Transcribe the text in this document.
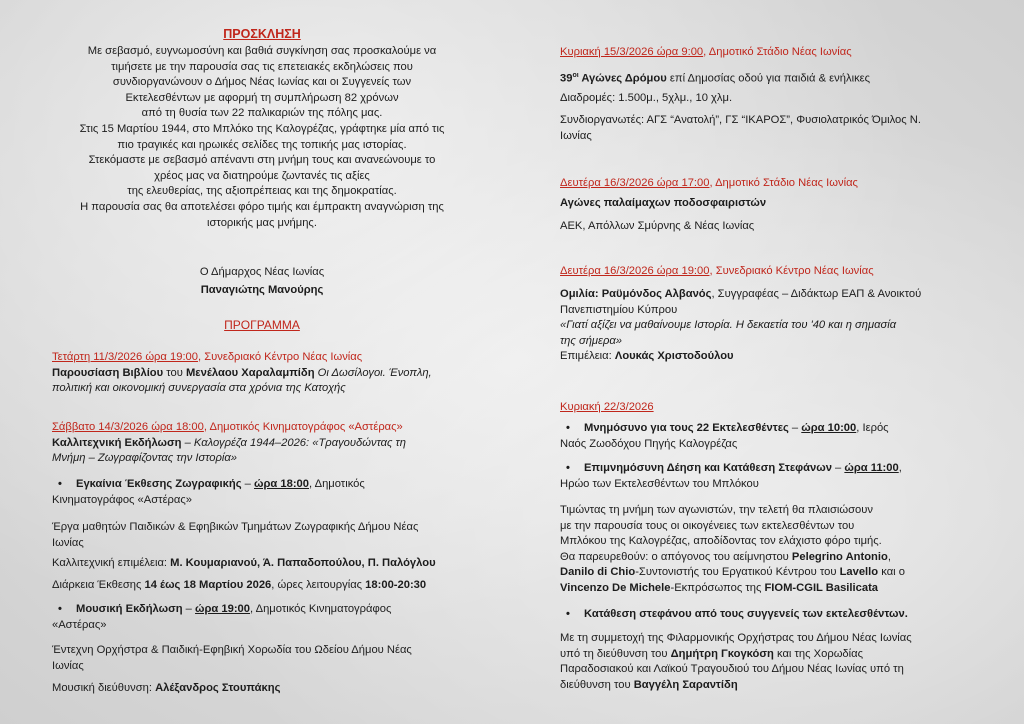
ΠΡΟΣΚΛΗΣΗ

Με σεβασμό, ευγνωμοσύνη και βαθιά συγκίνηση σας προσκαλούμε να

τιμήσετε με την παρουσία σας τις επετειακές εκδηλώσεις που

συνδιοργανώνουν ο Δήμος Νέας Ιωνίας και οι Συγγενείς των

Εκτελεσθέντων με αφορμή τη συμπλήρωση 82 χρόνων

από τη θυσία των 22 παλικαριών της πόλης μας.

Στις 15 Μαρτίου 1944, στο Μπλόκο της Καλογρέζας, γράφτηκε μία από τις

πιο τραγικές και ηρωικές σελίδες της τοπικής μας ιστορίας.

Στεκόμαστε με σεβασμό απέναντι στη μνήμη τους και ανανεώνουμε το

χρέος μας να διατηρούμε ζωντανές τις αξίες

της ελευθερίας, της αξιοπρέπειας και της δημοκρατίας.

Η παρουσία σας θα αποτελέσει φόρο τιμής και έμπρακτη αναγνώριση της

ιστορικής μας μνήμης.

Ο Δήμαρχος Νέας Ιωνίας

Παναγιώτης Μανούρης

ΠΡΟΓΡΑΜΜΑ

Τετάρτη 11/3/2026 ώρα 19:00, Συνεδριακό Κέντρο Νέας Ιωνίας

Παρουσίαση Βιβλίου του Μενέλαου Χαραλαμπίδη Οι Δωσίλογοι. Ένοπλη,

πολιτική και οικονομική συνεργασία στα χρόνια της Κατοχής

Σάββατο 14/3/2026 ώρα 18:00, Δημοτικός Κινηματογράφος «Αστέρας»

Καλλιτεχνική Εκδήλωση – Καλογρέζα 1944–2026: «Τραγουδώντας τη

Μνήμη – Ζωγραφίζοντας την Ιστορία»

•	Εγκαίνια Έκθεσης Ζωγραφικής – ώρα 18:00, Δημοτικός

Κινηματογράφος «Αστέρας»

Έργα μαθητών Παιδικών & Εφηβικών Τμημάτων Ζωγραφικής Δήμου Νέας

Ιωνίας

Καλλιτεχνική επιμέλεια: Μ. Κουμαριανού, Ά. Παπαδοπούλου, Π. Παλόγλου

Διάρκεια Έκθεσης 14 έως 18 Μαρτίου 2026, ώρες λειτουργίας 18:00-20:30

•	Μουσική Εκδήλωση – ώρα 19:00, Δημοτικός Κινηματογράφος

«Αστέρας»

Έντεχνη Ορχήστρα & Παιδική-Εφηβική Χορωδία του Ωδείου Δήμου Νέας

Ιωνίας

Μουσική διεύθυνση: Αλέξανδρος Στουπάκης

Κυριακή 15/3/2026 ώρα 9:00, Δημοτικό Στάδιο Νέας Ιωνίας

$39^{o\iota}$ Αγώνες Δρόμου επί Δημοσίας οδού για παιδιά & ενήλικες

Διαδρομές: 1.500μ., 5χλμ., 10 χλμ.

Συνδιοργανωτές: ΑΓΣ “Ανατολή”, ΓΣ “ΙΚΑΡΟΣ”, Φυσιολατρικός Όμιλος Ν.

Ιωνίας

Δευτέρα 16/3/2026 ώρα 17:00, Δημοτικό Στάδιο Νέας Ιωνίας

Αγώνες παλαίμαχων ποδοσφαιριστών

ΑΕΚ, Απόλλων Σμύρνης & Νέας Ιωνίας

Δευτέρα 16/3/2026 ώρα 19:00, Συνεδριακό Κέντρο Νέας Ιωνίας

Ομιλία: Ραϋμόνδος Αλβανός, Συγγραφέας – Διδάκτωρ ΕΑΠ & Ανοικτού

Πανεπιστημίου Κύπρου

«Γιατί αξίζει να μαθαίνουμε Ιστορία. Η δεκαετία του '40 και η σημασία

της σήμερα»

Επιμέλεια: Λουκάς Χριστοδούλου

Κυριακή 22/3/2026

•	Μνημόσυνο για τους 22 Εκτελεσθέντες – ώρα 10:00, Ιερός

Ναός Ζωοδόχου Πηγής Καλογρέζας

•	Επιμνημόσυνη Δέηση και Κατάθεση Στεφάνων – ώρα 11:00,

Ηρώο των Εκτελεσθέντων του Μπλόκου

Τιμώντας τη μνήμη των αγωνιστών, την τελετή θα πλαισιώσουν

με την παρουσία τους οι οικογένειες των εκτελεσθέντων του

Μπλόκου της Καλογρέζας, αποδίδοντας τον ελάχιστο φόρο τιμής.

Θα παρευρεθούν: ο απόγονος του αείμνηστου Pelegrino Antonio,

Danilo di Chio-Συντονιστής του Εργατικού Κέντρου του Lavello και ο

Vincenzo De Michele-Εκπρόσωπος της FIOM-CGIL Basilicata

•	Κατάθεση στεφάνου από τους συγγενείς των εκτελεσθέντων.

Με τη συμμετοχή της Φιλαρμονικής Ορχήστρας του Δήμου Νέας Ιωνίας

υπό τη διεύθυνση του Δημήτρη Γκογκόση και της Χορωδίας

Παραδοσιακού και Λαϊκού Τραγουδιού του Δήμου Νέας Ιωνίας υπό τη

διεύθυνση του Βαγγέλη Σαραντίδη
